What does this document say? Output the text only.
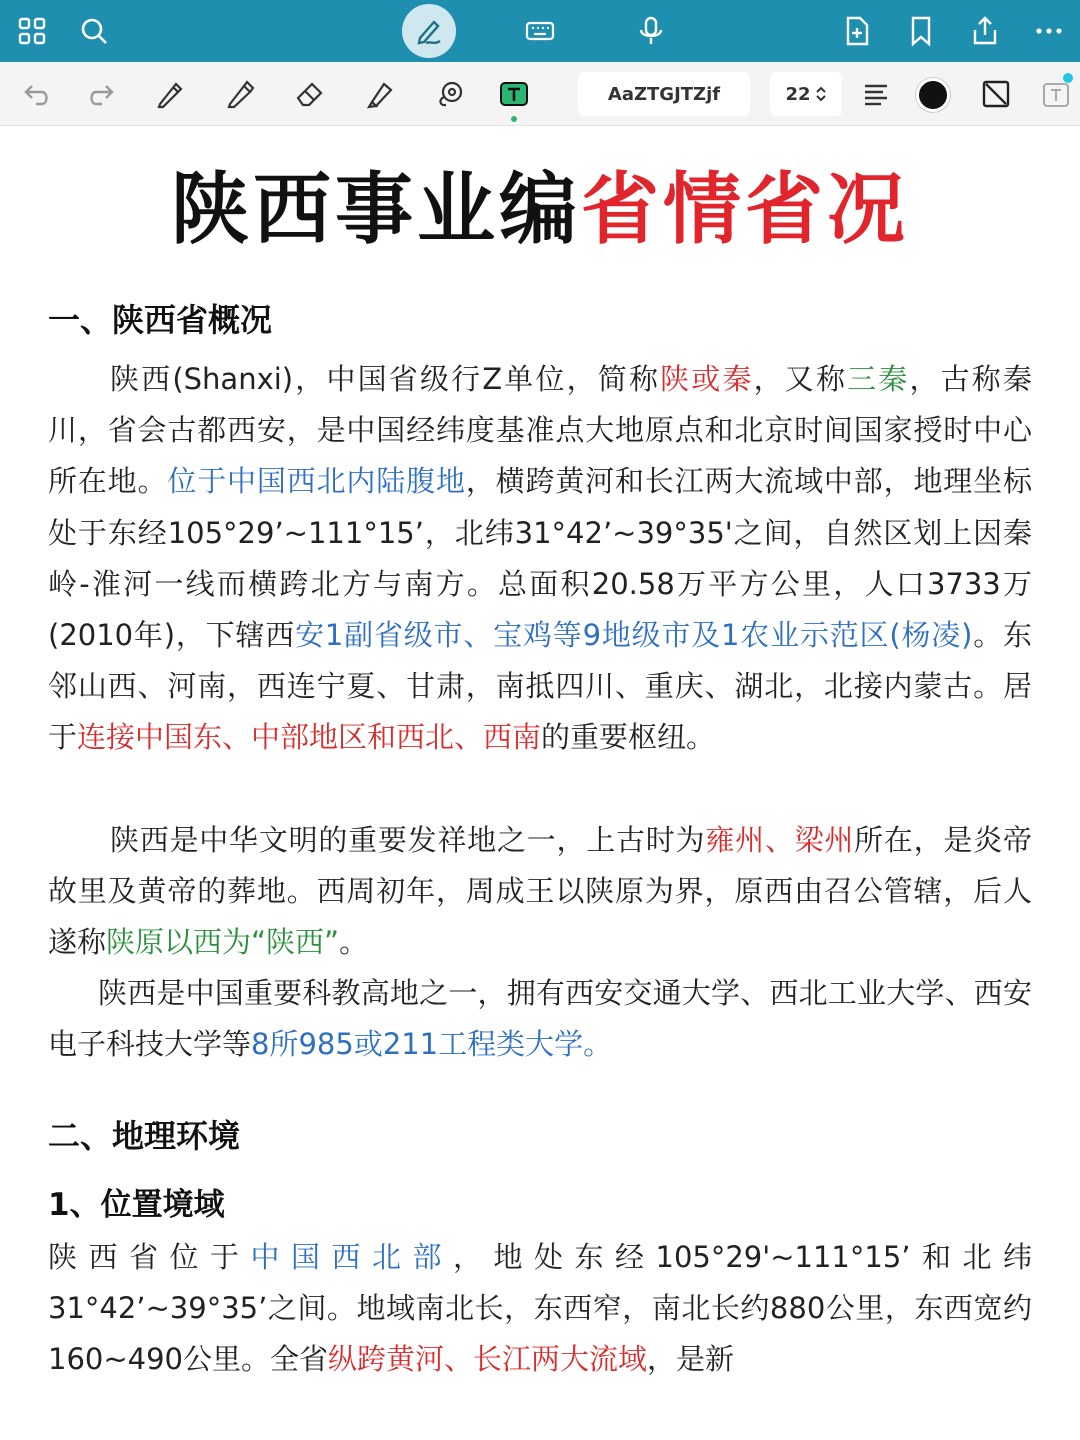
AaZTGJTZjf	22
陕西事业编省情省况
一、陕西省概况
陕西(Shanxi)，中国省级行Z单位，简称陕或秦，又称三秦，古称秦川，省会古都西安，是中国经纬度基准点大地原点和北京时间国家授时中心所在地。位于中国西北内陆腹地，横跨黄河和长江两大流域中部，地理坐标处于东经105°29’~111°15’，北纬31°42’~39°35'之间，自然区划上因秦岭-淮河一线而横跨北方与南方。总面积20.58万平方公里，人口3733万(2010年)，下辖西安1副省级市、宝鸡等9地级市及1农业示范区(杨凌)。东邻山西、河南，西连宁夏、甘肃，南抵四川、重庆、湖北，北接内蒙古。居于连接中国东、中部地区和西北、西南的重要枢纽。
陕西是中华文明的重要发祥地之一，上古时为雍州、梁州所在，是炎帝故里及黄帝的葬地。西周初年，周成王以陕原为界，原西由召公管辖，后人遂称陕原以西为“陕西”。
陕西是中国重要科教高地之一，拥有西安交通大学、西北工业大学、西安电子科技大学等8所985或211工程类大学。
二、地理环境
1、位置境域
陕西省位于中国西北部，地处东经105°29'~111°15’和北纬31°42’~39°35’之间。地域南北长，东西窄，南北长约880公里，东西宽约160~490公里。全省纵跨黄河、长江两大流域，是新
